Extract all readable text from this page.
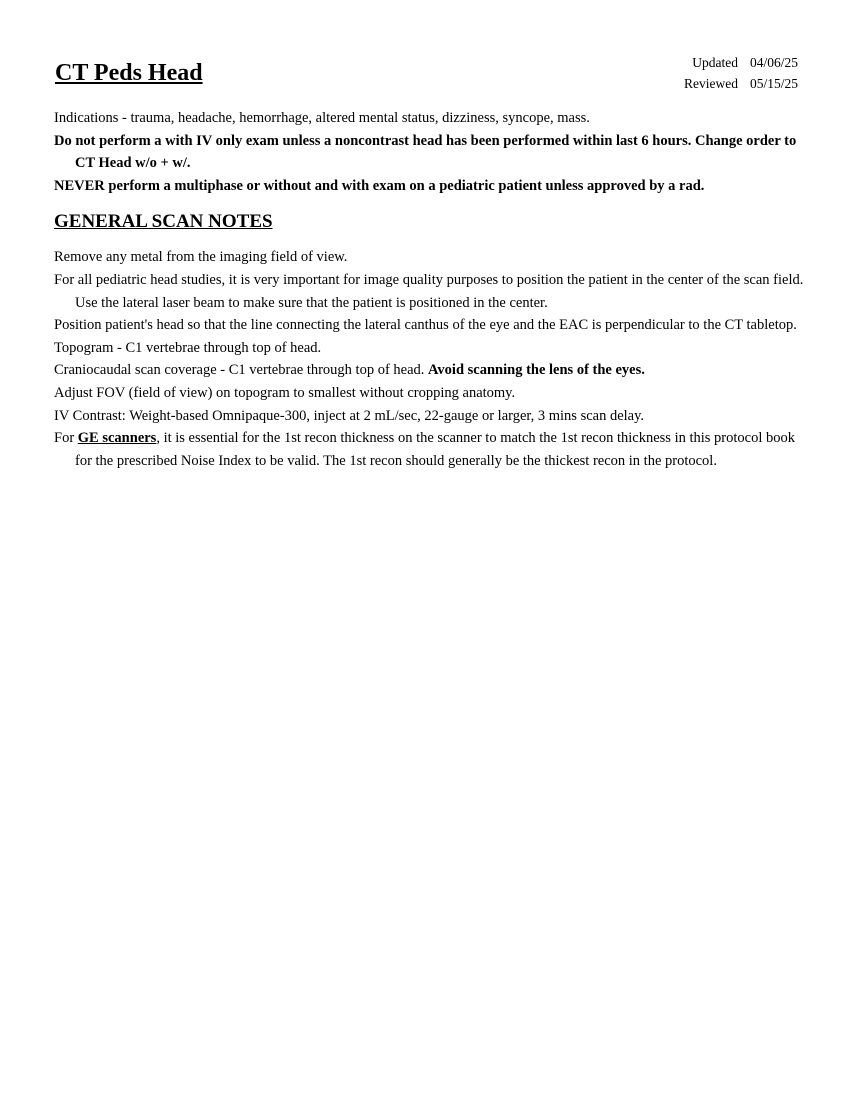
CT Peds Head	Updated 04/06/25
Reviewed 05/15/25

Indications - trauma, headache, hemorrhage, altered mental status, dizziness, syncope, mass.

Do not perform a with IV only exam unless a noncontrast head has been performed within last 6 hours. Change order to CT Head w/o + w/.

NEVER perform a multiphase or without and with exam on a pediatric patient unless approved by a rad.

GENERAL SCAN NOTES

Remove any metal from the imaging field of view.

For all pediatric head studies, it is very important for image quality purposes to position the patient in the center of the scan field. Use the lateral laser beam to make sure that the patient is positioned in the center.

Position patient's head so that the line connecting the lateral canthus of the eye and the EAC is perpendicular to the CT tabletop.

Topogram - C1 vertebrae through top of head.

Craniocaudal scan coverage - C1 vertebrae through top of head. Avoid scanning the lens of the eyes.

Adjust FOV (field of view) on topogram to smallest without cropping anatomy.

IV Contrast: Weight-based Omnipaque-300, inject at 2 mL/sec, 22-gauge or larger, 3 mins scan delay.

For GE scanners, it is essential for the 1st recon thickness on the scanner to match the 1st recon thickness in this protocol book for the prescribed Noise Index to be valid. The 1st recon should generally be the thickest recon in the protocol.
